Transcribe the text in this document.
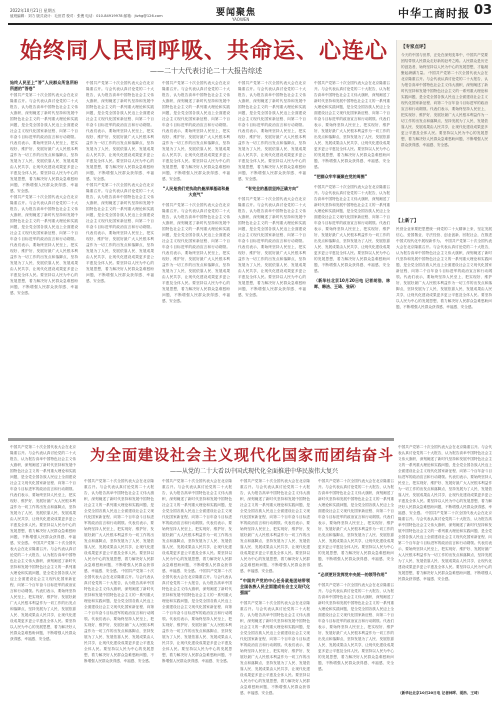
2022年10月21日 星期五
值班编辑：刘力 版式设计：毛世君 校对：张俊 电话：010-84919978 邮箱：jtzhg@126.com	要闻聚焦
YAOWEN	中华工商时报 03
始终同人民同呼吸、共命运、心连心
——二十大代表讨论二十大报告综述
始终人民至上“答”人民群众所急所盼所愿的“答卷”
中国共产党第二十次全国代表大会在北京隆重召开。与会代表认真讨论党的二十大报告，认为报告高举中国特色社会主义伟大旗帜，深刻阐述了新时代坚持和发展中国特色社会主义的一系列重大理论和实践问题，是全党全国各族人民迈上全面建设社会主义现代化国家新征程、向第二个百年奋斗目标进军的政治宣言和行动纲领。代表们表示，要始终坚持人民至上，把实现好、维护好、发展好最广大人民根本利益作为一切工作的出发点和落脚点，坚持发展为了人民、发展依靠人民、发展成果由人民共享，让现代化建设成果更多更公平惠及全体人民。要坚持以人民为中心的发展思想，着力解决好人民群众急难愁盼问题，不断增强人民群众获得感、幸福感、安全感。
中国共产党第二十次全国代表大会在北京隆重召开。与会代表认真讨论党的二十大报告，认为报告高举中国特色社会主义伟大旗帜，深刻阐述了新时代坚持和发展中国特色社会主义的一系列重大理论和实践问题，是全党全国各族人民迈上全面建设社会主义现代化国家新征程、向第二个百年奋斗目标进军的政治宣言和行动纲领。代表们表示，要始终坚持人民至上，把实现好、维护好、发展好最广大人民根本利益作为一切工作的出发点和落脚点，坚持发展为了人民、发展依靠人民、发展成果由人民共享，让现代化建设成果更多更公平惠及全体人民。要坚持以人民为中心的发展思想，着力解决好人民群众急难愁盼问题，不断增强人民群众获得感、幸福感、安全感。
中国共产党第二十次全国代表大会在北京隆重召开。与会代表认真讨论党的二十大报告，认为报告高举中国特色社会主义伟大旗帜，深刻阐述了新时代坚持和发展中国特色社会主义的一系列重大理论和实践问题，是全党全国各族人民迈上全面建设社会主义现代化国家新征程、向第二个百年奋斗目标进军的政治宣言和行动纲领。代表们表示，要始终坚持人民至上，把实现好、维护好、发展好最广大人民根本利益作为一切工作的出发点和落脚点，坚持发展为了人民、发展依靠人民、发展成果由人民共享，让现代化建设成果更多更公平惠及全体人民。要坚持以人民为中心的发展思想，着力解决好人民群众急难愁盼问题，不断增强人民群众获得感、幸福感、安全感。
中国共产党第二十次全国代表大会在北京隆重召开。与会代表认真讨论党的二十大报告，认为报告高举中国特色社会主义伟大旗帜，深刻阐述了新时代坚持和发展中国特色社会主义的一系列重大理论和实践问题，是全党全国各族人民迈上全面建设社会主义现代化国家新征程、向第二个百年奋斗目标进军的政治宣言和行动纲领。代表们表示，要始终坚持人民至上，把实现好、维护好、发展好最广大人民根本利益作为一切工作的出发点和落脚点，坚持发展为了人民、发展依靠人民、发展成果由人民共享，让现代化建设成果更多更公平惠及全体人民。要坚持以人民为中心的发展思想，着力解决好人民群众急难愁盼问题，不断增强人民群众获得感、幸福感、安全感。
中国共产党第二十次全国代表大会在北京隆重召开。与会代表认真讨论党的二十大报告，认为报告高举中国特色社会主义伟大旗帜，深刻阐述了新时代坚持和发展中国特色社会主义的一系列重大理论和实践问题，是全党全国各族人民迈上全面建设社会主义现代化国家新征程、向第二个百年奋斗目标进军的政治宣言和行动纲领。代表们表示，要始终坚持人民至上，把实现好、维护好、发展好最广大人民根本利益作为一切工作的出发点和落脚点，坚持发展为了人民、发展依靠人民、发展成果由人民共享，让现代化建设成果更多更公平惠及全体人民。要坚持以人民为中心的发展思想，着力解决好人民群众急难愁盼问题，不断增强人民群众获得感、幸福感、安全感。
“人民是我们党执政的最深厚基础和最大底气”
中国共产党第二十次全国代表大会在北京隆重召开。与会代表认真讨论党的二十大报告，认为报告高举中国特色社会主义伟大旗帜，深刻阐述了新时代坚持和发展中国特色社会主义的一系列重大理论和实践问题，是全党全国各族人民迈上全面建设社会主义现代化国家新征程、向第二个百年奋斗目标进军的政治宣言和行动纲领。代表们表示，要始终坚持人民至上，把实现好、维护好、发展好最广大人民根本利益作为一切工作的出发点和落脚点，坚持发展为了人民、发展依靠人民、发展成果由人民共享，让现代化建设成果更多更公平惠及全体人民。要坚持以人民为中心的发展思想，着力解决好人民群众急难愁盼问题，不断增强人民群众获得感、幸福感、安全感。
中国共产党第二十次全国代表大会在北京隆重召开。与会代表认真讨论党的二十大报告，认为报告高举中国特色社会主义伟大旗帜，深刻阐述了新时代坚持和发展中国特色社会主义的一系列重大理论和实践问题，是全党全国各族人民迈上全面建设社会主义现代化国家新征程、向第二个百年奋斗目标进军的政治宣言和行动纲领。代表们表示，要始终坚持人民至上，把实现好、维护好、发展好最广大人民根本利益作为一切工作的出发点和落脚点，坚持发展为了人民、发展依靠人民、发展成果由人民共享，让现代化建设成果更多更公平惠及全体人民。要坚持以人民为中心的发展思想，着力解决好人民群众急难愁盼问题，不断增强人民群众获得感、幸福感、安全感。
“有完全的基层坚持正确方向”
中国共产党第二十次全国代表大会在北京隆重召开。与会代表认真讨论党的二十大报告，认为报告高举中国特色社会主义伟大旗帜，深刻阐述了新时代坚持和发展中国特色社会主义的一系列重大理论和实践问题，是全党全国各族人民迈上全面建设社会主义现代化国家新征程、向第二个百年奋斗目标进军的政治宣言和行动纲领。代表们表示，要始终坚持人民至上，把实现好、维护好、发展好最广大人民根本利益作为一切工作的出发点和落脚点，坚持发展为了人民、发展依靠人民、发展成果由人民共享，让现代化建设成果更多更公平惠及全体人民。要坚持以人民为中心的发展思想，着力解决好人民群众急难愁盼问题，不断增强人民群众获得感、幸福感、安全感。
中国共产党第二十次全国代表大会在北京隆重召开。与会代表认真讨论党的二十大报告，认为报告高举中国特色社会主义伟大旗帜，深刻阐述了新时代坚持和发展中国特色社会主义的一系列重大理论和实践问题，是全党全国各族人民迈上全面建设社会主义现代化国家新征程、向第二个百年奋斗目标进军的政治宣言和行动纲领。代表们表示，要始终坚持人民至上，把实现好、维护好、发展好最广大人民根本利益作为一切工作的出发点和落脚点，坚持发展为了人民、发展依靠人民、发展成果由人民共享，让现代化建设成果更多更公平惠及全体人民。要坚持以人民为中心的发展思想，着力解决好人民群众急难愁盼问题，不断增强人民群众获得感、幸福感、安全感。
“把群众牢牢凝聚在党的周围”
中国共产党第二十次全国代表大会在北京隆重召开。与会代表认真讨论党的二十大报告，认为报告高举中国特色社会主义伟大旗帜，深刻阐述了新时代坚持和发展中国特色社会主义的一系列重大理论和实践问题，是全党全国各族人民迈上全面建设社会主义现代化国家新征程、向第二个百年奋斗目标进军的政治宣言和行动纲领。代表们表示，要始终坚持人民至上，把实现好、维护好、发展好最广大人民根本利益作为一切工作的出发点和落脚点，坚持发展为了人民、发展依靠人民、发展成果由人民共享，让现代化建设成果更多更公平惠及全体人民。要坚持以人民为中心的发展思想，着力解决好人民群众急难愁盼问题，不断增强人民群众获得感、幸福感、安全感。
（新华社北京10月20日电 记者胡浩、林晖、韩洁、王琦、张研）
【专家点评】
今天的中国与世界，正处在深刻变革中，中国共产党要团结带领人民群众走好新的赶考之路。人民群众是历史的创造者，始终坚持以人民为中心的发展思想，才能凝聚起磅礴力量。 中国共产党第二十次全国代表大会在北京隆重召开。与会代表认真讨论党的二十大报告，认为报告高举中国特色社会主义伟大旗帜，深刻阐述了新时代坚持和发展中国特色社会主义的一系列重大理论和实践问题，是全党全国各族人民迈上全面建设社会主义现代化国家新征程、向第二个百年奋斗目标进军的政治宣言和行动纲领。代表们表示，要始终坚持人民至上，把实现好、维护好、发展好最广大人民根本利益作为一切工作的出发点和落脚点，坚持发展为了人民、发展依靠人民、发展成果由人民共享，让现代化建设成果更多更公平惠及全体人民。要坚持以人民为中心的发展思想，着力解决好人民群众急难愁盼问题，不断增强人民群众获得感、幸福感、安全感。
【上新了】
民营企业家要把思想统一到党的二十大精神上来，坚定发展信心，爱国敬业、守法经营、创业创新、回报社会，在推进中国式现代化中展现新作为。 中国共产党第二十次全国代表大会在北京隆重召开。与会代表认真讨论党的二十大报告，认为报告高举中国特色社会主义伟大旗帜，深刻阐述了新时代坚持和发展中国特色社会主义的一系列重大理论和实践问题，是全党全国各族人民迈上全面建设社会主义现代化国家新征程、向第二个百年奋斗目标进军的政治宣言和行动纲领。代表们表示，要始终坚持人民至上，把实现好、维护好、发展好最广大人民根本利益作为一切工作的出发点和落脚点，坚持发展为了人民、发展依靠人民、发展成果由人民共享，让现代化建设成果更多更公平惠及全体人民。要坚持以人民为中心的发展思想，着力解决好人民群众急难愁盼问题，不断增强人民群众获得感、幸福感、安全感。
为全面建设社会主义现代化国家而团结奋斗
——从党的二十大看以中国式现代化全面推进中华民族伟大复兴
中国共产党第二十次全国代表大会在北京隆重召开。与会代表认真讨论党的二十大报告，认为报告高举中国特色社会主义伟大旗帜，深刻阐述了新时代坚持和发展中国特色社会主义的一系列重大理论和实践问题，是全党全国各族人民迈上全面建设社会主义现代化国家新征程、向第二个百年奋斗目标进军的政治宣言和行动纲领。代表们表示，要始终坚持人民至上，把实现好、维护好、发展好最广大人民根本利益作为一切工作的出发点和落脚点，坚持发展为了人民、发展依靠人民、发展成果由人民共享，让现代化建设成果更多更公平惠及全体人民。要坚持以人民为中心的发展思想，着力解决好人民群众急难愁盼问题，不断增强人民群众获得感、幸福感、安全感。 中国共产党第二十次全国代表大会在北京隆重召开。与会代表认真讨论党的二十大报告，认为报告高举中国特色社会主义伟大旗帜，深刻阐述了新时代坚持和发展中国特色社会主义的一系列重大理论和实践问题，是全党全国各族人民迈上全面建设社会主义现代化国家新征程、向第二个百年奋斗目标进军的政治宣言和行动纲领。代表们表示，要始终坚持人民至上，把实现好、维护好、发展好最广大人民根本利益作为一切工作的出发点和落脚点，坚持发展为了人民、发展依靠人民、发展成果由人民共享，让现代化建设成果更多更公平惠及全体人民。要坚持以人民为中心的发展思想，着力解决好人民群众急难愁盼问题，不断增强人民群众获得感、幸福感、安全感。
中国共产党第二十次全国代表大会在北京隆重召开。与会代表认真讨论党的二十大报告，认为报告高举中国特色社会主义伟大旗帜，深刻阐述了新时代坚持和发展中国特色社会主义的一系列重大理论和实践问题，是全党全国各族人民迈上全面建设社会主义现代化国家新征程、向第二个百年奋斗目标进军的政治宣言和行动纲领。代表们表示，要始终坚持人民至上，把实现好、维护好、发展好最广大人民根本利益作为一切工作的出发点和落脚点，坚持发展为了人民、发展依靠人民、发展成果由人民共享，让现代化建设成果更多更公平惠及全体人民。要坚持以人民为中心的发展思想，着力解决好人民群众急难愁盼问题，不断增强人民群众获得感、幸福感、安全感。 中国共产党第二十次全国代表大会在北京隆重召开。与会代表认真讨论党的二十大报告，认为报告高举中国特色社会主义伟大旗帜，深刻阐述了新时代坚持和发展中国特色社会主义的一系列重大理论和实践问题，是全党全国各族人民迈上全面建设社会主义现代化国家新征程、向第二个百年奋斗目标进军的政治宣言和行动纲领。代表们表示，要始终坚持人民至上，把实现好、维护好、发展好最广大人民根本利益作为一切工作的出发点和落脚点，坚持发展为了人民、发展依靠人民、发展成果由人民共享，让现代化建设成果更多更公平惠及全体人民。要坚持以人民为中心的发展思想，着力解决好人民群众急难愁盼问题，不断增强人民群众获得感、幸福感、安全感。
中国共产党第二十次全国代表大会在北京隆重召开。与会代表认真讨论党的二十大报告，认为报告高举中国特色社会主义伟大旗帜，深刻阐述了新时代坚持和发展中国特色社会主义的一系列重大理论和实践问题，是全党全国各族人民迈上全面建设社会主义现代化国家新征程、向第二个百年奋斗目标进军的政治宣言和行动纲领。代表们表示，要始终坚持人民至上，把实现好、维护好、发展好最广大人民根本利益作为一切工作的出发点和落脚点，坚持发展为了人民、发展依靠人民、发展成果由人民共享，让现代化建设成果更多更公平惠及全体人民。要坚持以人民为中心的发展思想，着力解决好人民群众急难愁盼问题，不断增强人民群众获得感、幸福感、安全感。 中国共产党第二十次全国代表大会在北京隆重召开。与会代表认真讨论党的二十大报告，认为报告高举中国特色社会主义伟大旗帜，深刻阐述了新时代坚持和发展中国特色社会主义的一系列重大理论和实践问题，是全党全国各族人民迈上全面建设社会主义现代化国家新征程、向第二个百年奋斗目标进军的政治宣言和行动纲领。代表们表示，要始终坚持人民至上，把实现好、维护好、发展好最广大人民根本利益作为一切工作的出发点和落脚点，坚持发展为了人民、发展依靠人民、发展成果由人民共享，让现代化建设成果更多更公平惠及全体人民。要坚持以人民为中心的发展思想，着力解决好人民群众急难愁盼问题，不断增强人民群众获得感、幸福感、安全感。
中国共产党第二十次全国代表大会在北京隆重召开。与会代表认真讨论党的二十大报告，认为报告高举中国特色社会主义伟大旗帜，深刻阐述了新时代坚持和发展中国特色社会主义的一系列重大理论和实践问题，是全党全国各族人民迈上全面建设社会主义现代化国家新征程、向第二个百年奋斗目标进军的政治宣言和行动纲领。代表们表示，要始终坚持人民至上，把实现好、维护好、发展好最广大人民根本利益作为一切工作的出发点和落脚点，坚持发展为了人民、发展依靠人民、发展成果由人民共享，让现代化建设成果更多更公平惠及全体人民。要坚持以人民为中心的发展思想，着力解决好人民群众急难愁盼问题，不断增强人民群众获得感、幸福感、安全感。
“中国共产党的中心任务就是团结带领全国各族人民全面建成社会主义现代化强国”
中国共产党第二十次全国代表大会在北京隆重召开。与会代表认真讨论党的二十大报告，认为报告高举中国特色社会主义伟大旗帜，深刻阐述了新时代坚持和发展中国特色社会主义的一系列重大理论和实践问题，是全党全国各族人民迈上全面建设社会主义现代化国家新征程、向第二个百年奋斗目标进军的政治宣言和行动纲领。代表们表示，要始终坚持人民至上，把实现好、维护好、发展好最广大人民根本利益作为一切工作的出发点和落脚点，坚持发展为了人民、发展依靠人民、发展成果由人民共享，让现代化建设成果更多更公平惠及全体人民。要坚持以人民为中心的发展思想，着力解决好人民群众急难愁盼问题，不断增强人民群众获得感、幸福感、安全感。
中国共产党第二十次全国代表大会在北京隆重召开。与会代表认真讨论党的二十大报告，认为报告高举中国特色社会主义伟大旗帜，深刻阐述了新时代坚持和发展中国特色社会主义的一系列重大理论和实践问题，是全党全国各族人民迈上全面建设社会主义现代化国家新征程、向第二个百年奋斗目标进军的政治宣言和行动纲领。代表们表示，要始终坚持人民至上，把实现好、维护好、发展好最广大人民根本利益作为一切工作的出发点和落脚点，坚持发展为了人民、发展依靠人民、发展成果由人民共享，让现代化建设成果更多更公平惠及全体人民。要坚持以人民为中心的发展思想，着力解决好人民群众急难愁盼问题，不断增强人民群众获得感、幸福感、安全感。
“必须更好发挥党中央统一的领导作用”
中国共产党第二十次全国代表大会在北京隆重召开。与会代表认真讨论党的二十大报告，认为报告高举中国特色社会主义伟大旗帜，深刻阐述了新时代坚持和发展中国特色社会主义的一系列重大理论和实践问题，是全党全国各族人民迈上全面建设社会主义现代化国家新征程、向第二个百年奋斗目标进军的政治宣言和行动纲领。代表们表示，要始终坚持人民至上，把实现好、维护好、发展好最广大人民根本利益作为一切工作的出发点和落脚点，坚持发展为了人民、发展依靠人民、发展成果由人民共享，让现代化建设成果更多更公平惠及全体人民。要坚持以人民为中心的发展思想，着力解决好人民群众急难愁盼问题，不断增强人民群众获得感、幸福感、安全感。
中国共产党第二十次全国代表大会在北京隆重召开。与会代表认真讨论党的二十大报告，认为报告高举中国特色社会主义伟大旗帜，深刻阐述了新时代坚持和发展中国特色社会主义的一系列重大理论和实践问题，是全党全国各族人民迈上全面建设社会主义现代化国家新征程、向第二个百年奋斗目标进军的政治宣言和行动纲领。代表们表示，要始终坚持人民至上，把实现好、维护好、发展好最广大人民根本利益作为一切工作的出发点和落脚点，坚持发展为了人民、发展依靠人民、发展成果由人民共享，让现代化建设成果更多更公平惠及全体人民。要坚持以人民为中心的发展思想，着力解决好人民群众急难愁盼问题，不断增强人民群众获得感、幸福感、安全感。 中国共产党第二十次全国代表大会在北京隆重召开。与会代表认真讨论党的二十大报告，认为报告高举中国特色社会主义伟大旗帜，深刻阐述了新时代坚持和发展中国特色社会主义的一系列重大理论和实践问题，是全党全国各族人民迈上全面建设社会主义现代化国家新征程、向第二个百年奋斗目标进军的政治宣言和行动纲领。代表们表示，要始终坚持人民至上，把实现好、维护好、发展好最广大人民根本利益作为一切工作的出发点和落脚点，坚持发展为了人民、发展依靠人民、发展成果由人民共享，让现代化建设成果更多更公平惠及全体人民。要坚持以人民为中心的发展思想，着力解决好人民群众急难愁盼问题，不断增强人民群众获得感、幸福感、安全感。
（新华社北京10月20日电 记者林晖、胡浩、王琦）
